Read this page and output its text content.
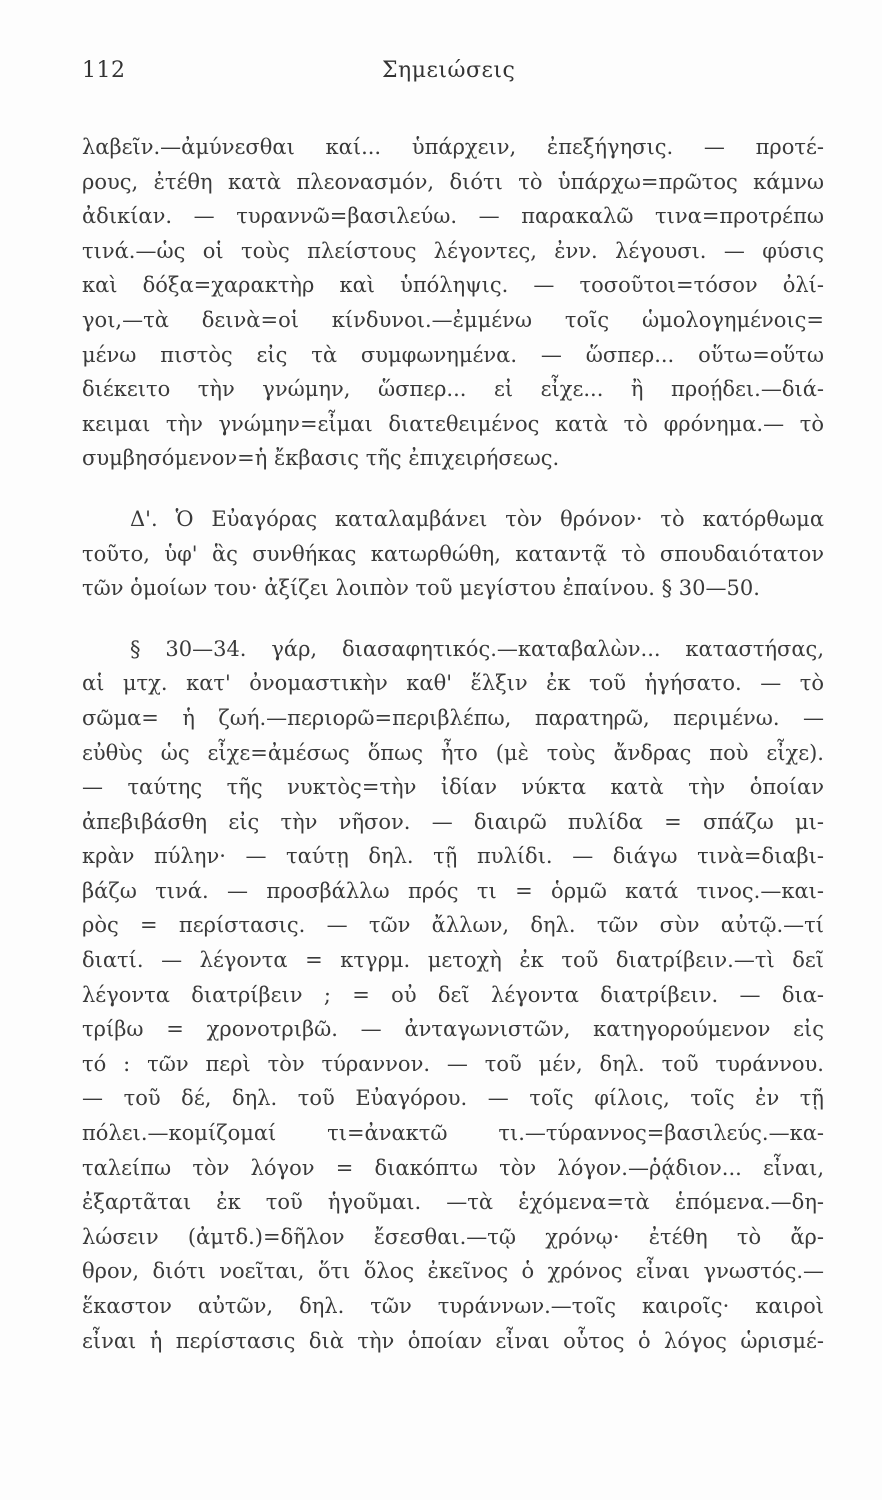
112	Σημειώσεις
λαβεῖν.—ἀμύνεσθαι καί... ὑπάρχειν, ἐπεξήγησις. — προτέ-
ρους, ἐτέθη κατὰ πλεονασμόν, διότι τὸ ὑπάρχω=πρῶτος κάμνω
ἀδικίαν. — τυραννῶ=βασιλεύω. — παρακαλῶ τινα=προτρέπω
τινά.—ὡς οἱ τοὺς πλείστους λέγοντες, ἐνν. λέγουσι. — φύσις
καὶ δόξα=χαρακτὴρ καὶ ὑπόληψις. — τοσοῦτοι=τόσον ὀλί-
γοι,—τὰ δεινὰ=οἱ κίνδυνοι.—ἐμμένω τοῖς ὡμολογημένοις=
μένω πιστὸς εἰς τὰ συμφωνημένα. — ὥσπερ... οὕτω=οὕτω
διέκειτο τὴν γνώμην, ὥσπερ... εἰ εἶχε... ἢ προῄδει.—διά-
κειμαι τὴν γνώμην=εἶμαι διατεθειμένος κατὰ τὸ φρόνημα.— τὸ
συμβησόμενον=ἡ ἔκβασις τῆς ἐπιχειρήσεως.
Δ'. Ὁ Εὐαγόρας καταλαμβάνει τὸν θρόνον· τὸ κατόρθωμα
τοῦτο, ὑφ' ἃς συνθήκας κατωρθώθη, καταντᾷ τὸ σπουδαιότατον
τῶν ὁμοίων του· ἀξίζει λοιπὸν τοῦ μεγίστου ἐπαίνου. § 30—50.
§ 30—34. γάρ, διασαφητικός.—καταβαλὼν... καταστήσας,
αἱ μτχ. κατ' ὀνομαστικὴν καθ' ἕλξιν ἐκ τοῦ ἡγήσατο. — τὸ
σῶμα= ἡ ζωή.—περιορῶ=περιβλέπω, παρατηρῶ, περιμένω. —
εὐθὺς ὡς εἶχε=ἀμέσως ὅπως ἦτο (μὲ τοὺς ἄνδρας ποὺ εἶχε).
— ταύτης τῆς νυκτὸς=τὴν ἰδίαν νύκτα κατὰ τὴν ὁποίαν
ἀπεβιβάσθη εἰς τὴν νῆσον. — διαιρῶ πυλίδα = σπάζω μι-
κρὰν πύλην· — ταύτῃ δηλ. τῇ πυλίδι. — διάγω τινὰ=διαβι-
βάζω τινά. — προσβάλλω πρός τι = ὁρμῶ κατά τινος.—και-
ρὸς = περίστασις. — τῶν ἄλλων, δηλ. τῶν σὺν αὐτῷ.—τί
διατί. — λέγοντα = κτγρμ. μετοχὴ ἐκ τοῦ διατρίβειν.—τὶ δεῖ
λέγοντα διατρίβειν ; = οὐ δεῖ λέγοντα διατρίβειν. — δια-
τρίβω = χρονοτριβῶ. — ἀνταγωνιστῶν, κατηγορούμενον εἰς
τό : τῶν περὶ τὸν τύραννον. — τοῦ μέν, δηλ. τοῦ τυράννου.
— τοῦ δέ, δηλ. τοῦ Εὐαγόρου. — τοῖς φίλοις, τοῖς ἐν τῇ
πόλει.—κομίζομαί τι=ἀνακτῶ τι.—τύραννος=βασιλεύς.—κα-
ταλείπω τὸν λόγον = διακόπτω τὸν λόγον.—ῥᾴδιον... εἶναι,
ἐξαρτᾶται ἐκ τοῦ ἡγοῦμαι. —τὰ ἑχόμενα=τὰ ἑπόμενα.—δη-
λώσειν (ἀμτδ.)=δῆλον ἔσεσθαι.—τῷ χρόνῳ· ἐτέθη τὸ ἄρ-
θρον, διότι νοεῖται, ὅτι ὅλος ἐκεῖνος ὁ χρόνος εἶναι γνωστός.—
ἕκαστον αὐτῶν, δηλ. τῶν τυράννων.—τοῖς καιροῖς· καιροὶ
εἶναι ἡ περίστασις διὰ τὴν ὁποίαν εἶναι οὗτος ὁ λόγος ὡρισμέ-
